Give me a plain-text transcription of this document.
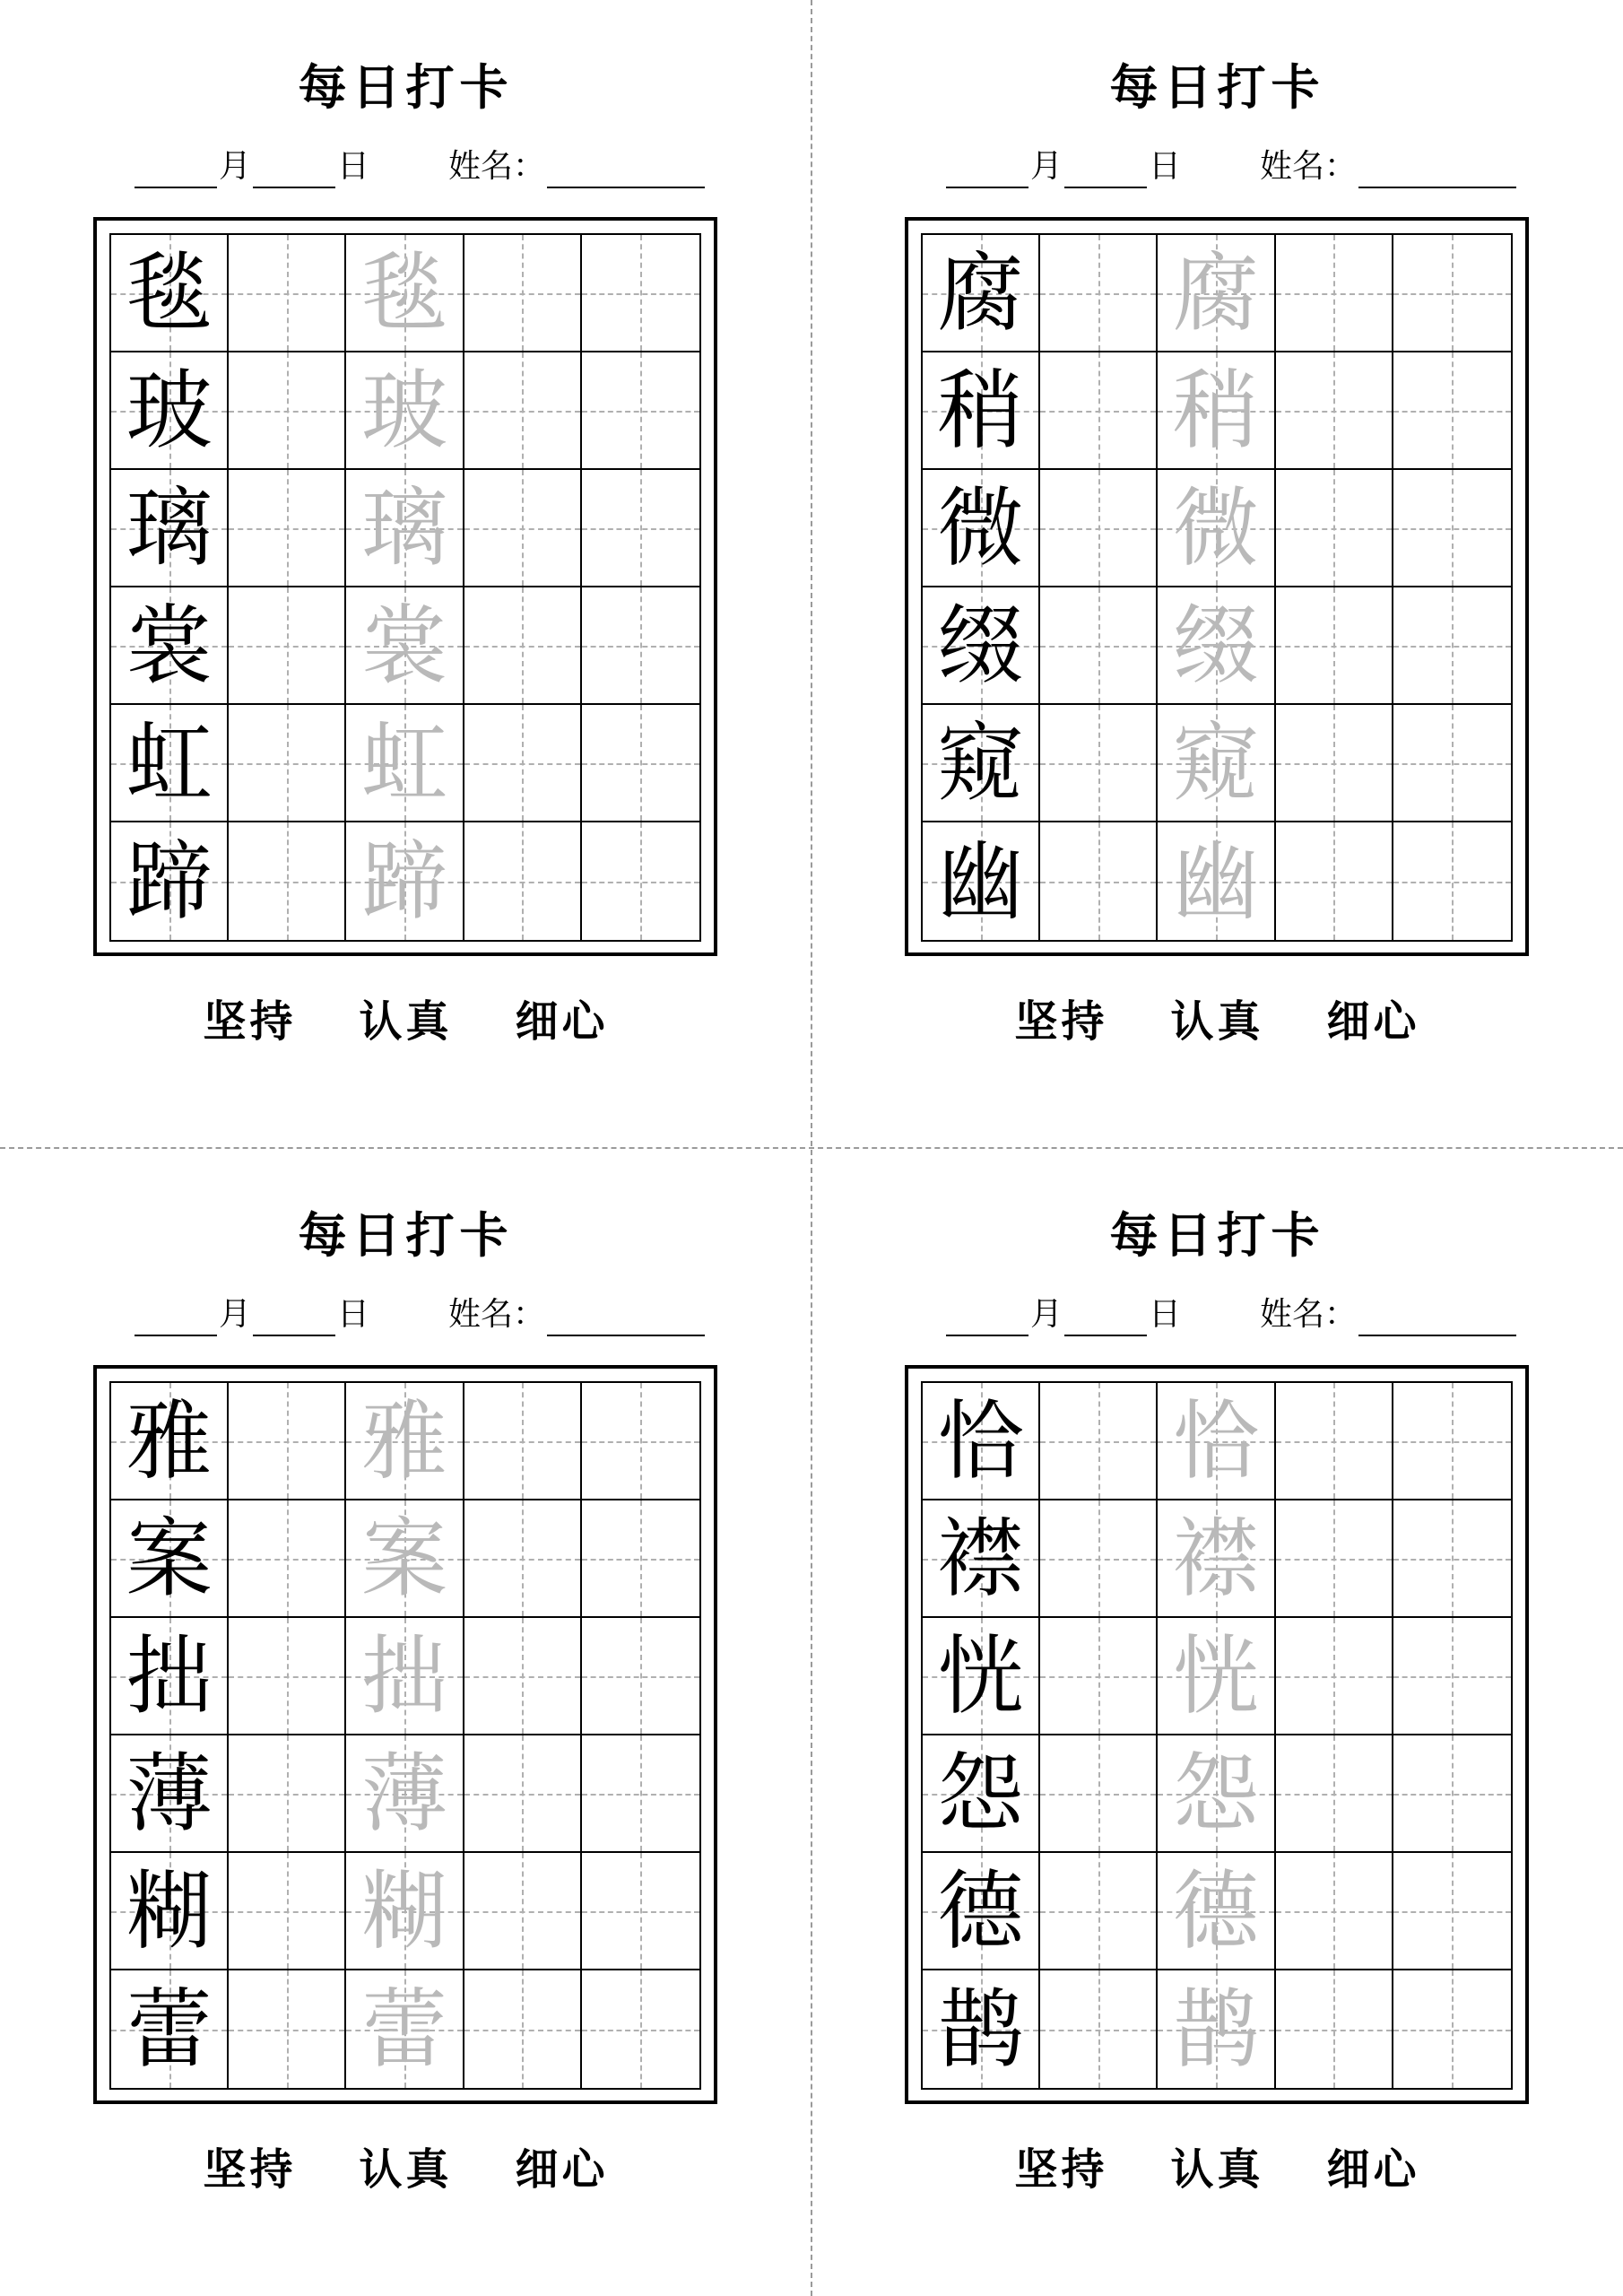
每日打卡
月	日 姓名：
毯 毯
玻 玻
璃 璃
裳 裳
虹 虹
蹄 蹄
坚持 认真 细心
每日打卡
月	日 姓名：
腐 腐
稍 稍
微 微
缀 缀
窥 窥
幽 幽
坚持 认真 细心
每日打卡
月	日 姓名：
雅 雅
案 案
拙 拙
薄 薄
糊 糊
蕾 蕾
坚持 认真 细心
每日打卡
月	日 姓名：
恰 恰
襟 襟
恍 恍
怨 怨
德 德
鹊 鹊
坚持 认真 细心
